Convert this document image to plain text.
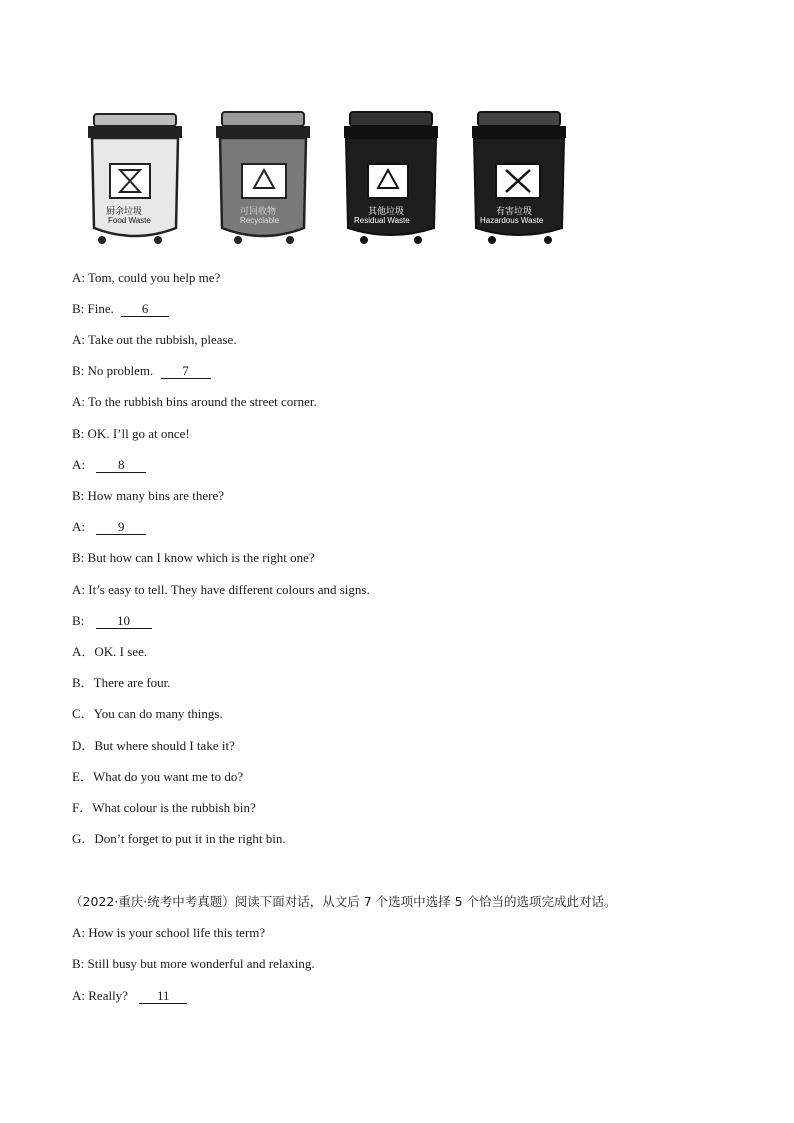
厨余垃圾
Food Waste
可回收物
Recyclable
其他垃圾
Residual Waste
有害垃圾
Hazardous Waste
A: Tom, could you help me?
B: Fine. 6
A: Take out the rubbish, please.
B: No problem. 7
A: To the rubbish bins around the street corner.
B: OK. I’ll go at once!
A:	8
B: How many bins are there?
A:	9
B: But how can I know which is the right one?
A: It’s easy to tell. They have different colours and signs.
B:	10
A．OK. I see.
B．There are four.
C．You can do many things.
D．But where should I take it?
E．What do you want me to do?
F．What colour is the rubbish bin?
G．Don’t forget to put it in the right bin.
（2022·重庆·统考中考真题）阅读下面对话，从文后 7 个选项中选择 5 个恰当的选项完成此对话。
A: How is your school life this term?
B: Still busy but more wonderful and relaxing.
A: Really? 11
